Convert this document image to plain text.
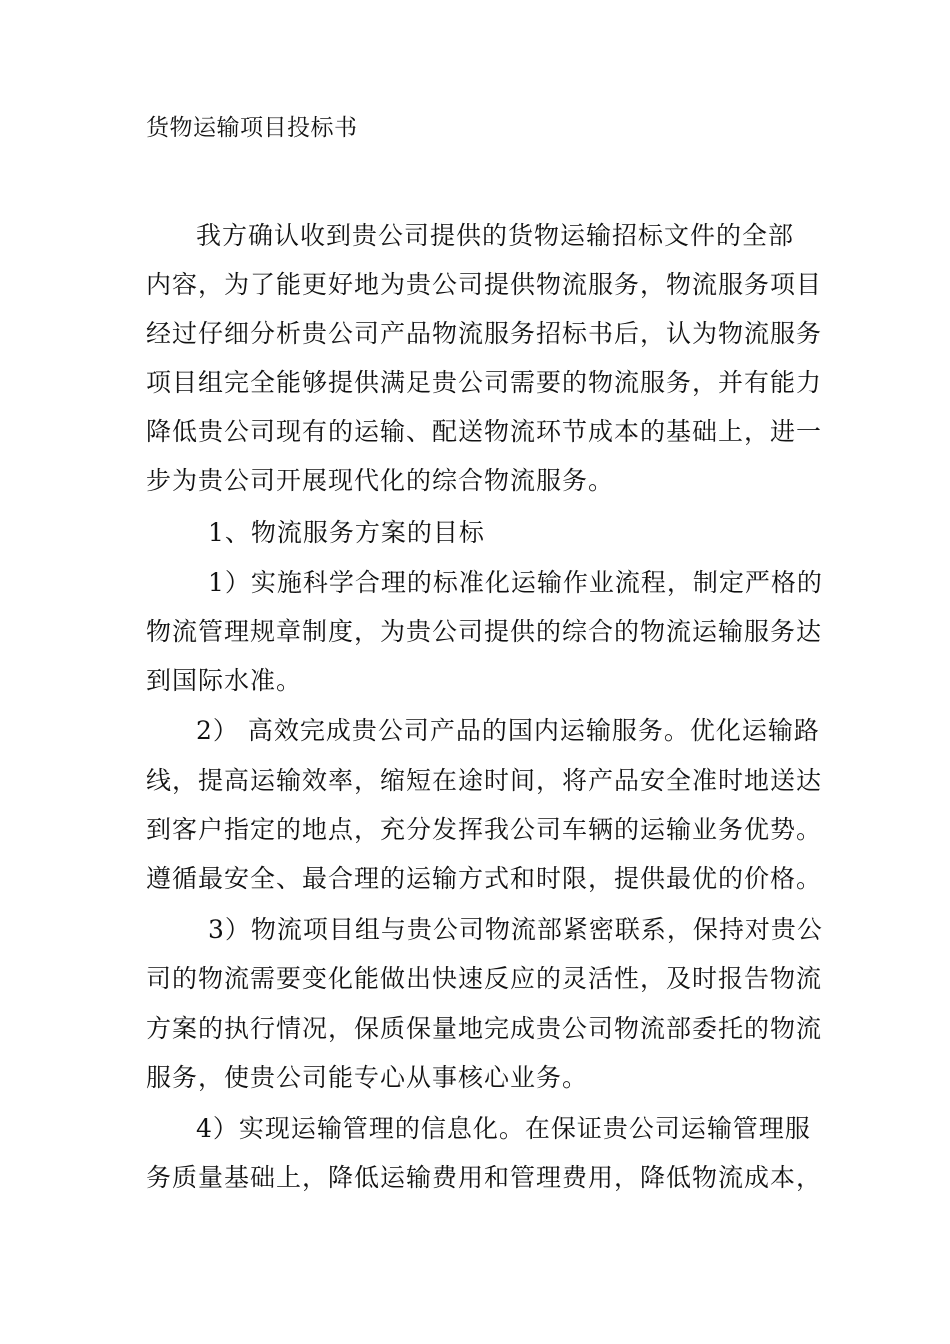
货物运输项目投标书
我方确认收到贵公司提供的货物运输招标文件的全部
内容，为了能更好地为贵公司提供物流服务，物流服务项目
经过仔细分析贵公司产品物流服务招标书后，认为物流服务
项目组完全能够提供满足贵公司需要的物流服务，并有能力
降低贵公司现有的运输、配送物流环节成本的基础上，进一
步为贵公司开展现代化的综合物流服务。
1、物流服务方案的目标
1）实施科学合理的标准化运输作业流程，制定严格的
物流管理规章制度，为贵公司提供的综合的物流运输服务达
到国际水准。
2） 高效完成贵公司产品的国内运输服务。优化运输路
线，提高运输效率，缩短在途时间，将产品安全准时地送达
到客户指定的地点，充分发挥我公司车辆的运输业务优势。
遵循最安全、最合理的运输方式和时限，提供最优的价格。
3）物流项目组与贵公司物流部紧密联系，保持对贵公
司的物流需要变化能做出快速反应的灵活性，及时报告物流
方案的执行情况，保质保量地完成贵公司物流部委托的物流
服务，使贵公司能专心从事核心业务。
4）实现运输管理的信息化。在保证贵公司运输管理服
务质量基础上，降低运输费用和管理费用，降低物流成本，
